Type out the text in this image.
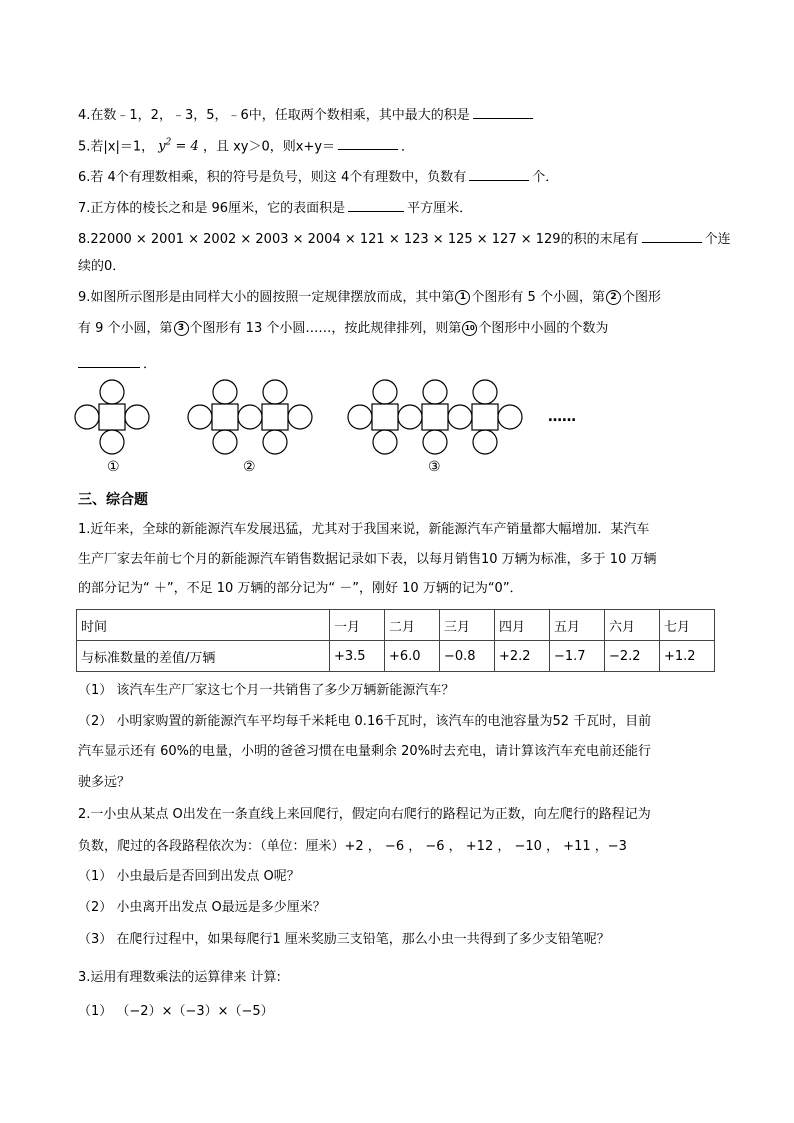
4.在数﹣1，2，﹣3，5，﹣6中，任取两个数相乘，其中最大的积是
5.若|x|＝1， $y^2 = 4$ ，且 xy＞0，则x+y＝	．
6.若 4个有理数相乘，积的符号是负号，则这 4个有理数中，负数有	个．
7.正方体的棱长之和是 96厘米，它的表面积是	平方厘米．
8.22000 × 2001 × 2002 × 2003 × 2004 × 121 × 123 × 125 × 127 × 129的积的末尾有	个连
续的0．
9.如图所示图形是由同样大小的圆按照一定规律摆放而成，其中第 1 个图形有 5 个小圆，第 2 个图形
有 9 个小圆，第 3 个图形有 13 个小圆……，按此规律排列，则第 10 个图形中小圆的个数为
．
①	②	③
……
三、综合题
1.近年来，全球的新能源汽车发展迅猛，尤其对于我国来说，新能源汽车产销量都大幅增加．某汽车
生产厂家去年前七个月的新能源汽车销售数据记录如下表，以每月销售10 万辆为标准，多于 10 万辆
的部分记为“ ＋”，不足 10 万辆的部分记为“ －”，刚好 10 万辆的记为“0”．
时间	一月	二月	三月	四月	五月	六月	七月
与标准数量的差值/万辆	+3.5	+6.0	−0.8	+2.2	−1.7	−2.2	+1.2
（1） 该汽车生产厂家这七个月一共销售了多少万辆新能源汽车？
（2） 小明家购置的新能源汽车平均每千米耗电 0.16千瓦时，该汽车的电池容量为52 千瓦时，目前
汽车显示还有 60%的电量，小明的爸爸习惯在电量剩余 20%时去充电，请计算该汽车充电前还能行
驶多远？
2.一小虫从某点 O出发在一条直线上来回爬行，假定向右爬行的路程记为正数，向左爬行的路程记为
负数，爬过的各段路程依次为：（单位：厘米）+2 ， −6 ， −6 ， +12 ， −10 ， +11 ，−3
（1） 小虫最后是否回到出发点 O呢？
（2） 小虫离开出发点 O最远是多少厘米？
（3） 在爬行过程中，如果每爬行1 厘米奖励三支铅笔，那么小虫一共得到了多少支铅笔呢？
3.运用有理数乘法的运算律来 计算:
（1） （−2）×（−3）×（−5）
